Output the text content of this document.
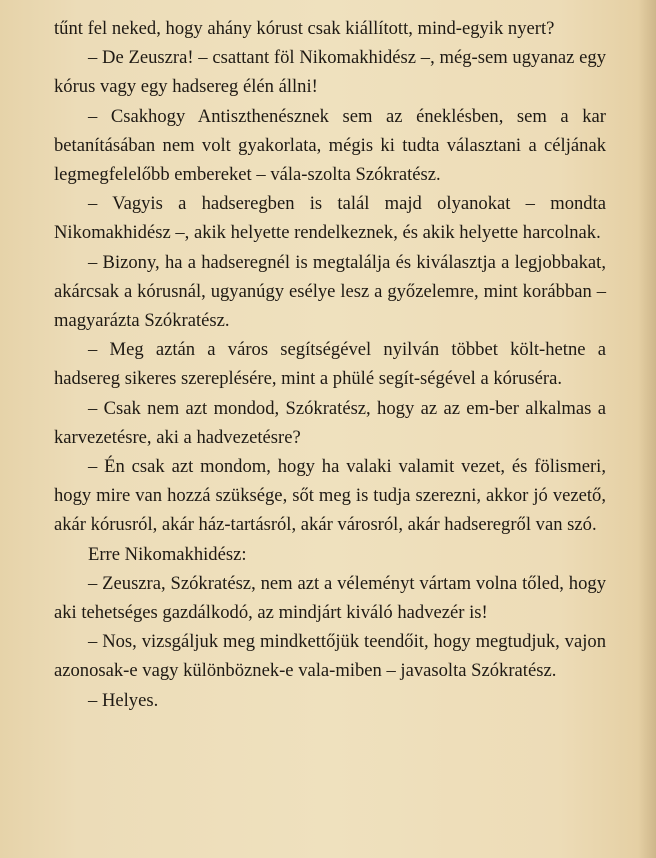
tűnt fel neked, hogy ahány kórust csak kiállított, mind-egyik nyert?

– De Zeuszra! – csattant föl Nikomakhidész –, még-sem ugyanaz egy kórus vagy egy hadsereg élén állni!

– Csakhogy Antiszthenésznek sem az éneklésben, sem a kar betanításában nem volt gyakorlata, mégis ki tudta választani a céljának legmegfelelőbb embereket – vála-szolta Szókratész.

– Vagyis a hadseregben is talál majd olyanokat – mondta Nikomakhidész –, akik helyette rendelkeznek, és akik helyette harcolnak.

– Bizony, ha a hadseregnél is megtalálja és kiválasztja a legjobbakat, akárcsak a kórusnál, ugyanúgy esélye lesz a győzelemre, mint korábban – magyarázta Szókratész.

– Meg aztán a város segítségével nyilván többet költ-hetne a hadsereg sikeres szereplésére, mint a phülé segít-ségével a kóruséra.

– Csak nem azt mondod, Szókratész, hogy az az em-ber alkalmas a karvezetésre, aki a hadvezetésre?

– Én csak azt mondom, hogy ha valaki valamit vezet, és fölismeri, hogy mire van hozzá szüksége, sőt meg is tudja szerezni, akkor jó vezető, akár kórusról, akár ház-tartásról, akár városról, akár hadseregről van szó.

Erre Nikomakhidész:

– Zeuszra, Szókratész, nem azt a véleményt vártam volna tőled, hogy aki tehetséges gazdálkodó, az mindjárt kiváló hadvezér is!

– Nos, vizsgáljuk meg mindkettőjük teendőit, hogy megtudjuk, vajon azonosak-e vagy különböznek-e vala-miben – javasolta Szókratész.

– Helyes.
